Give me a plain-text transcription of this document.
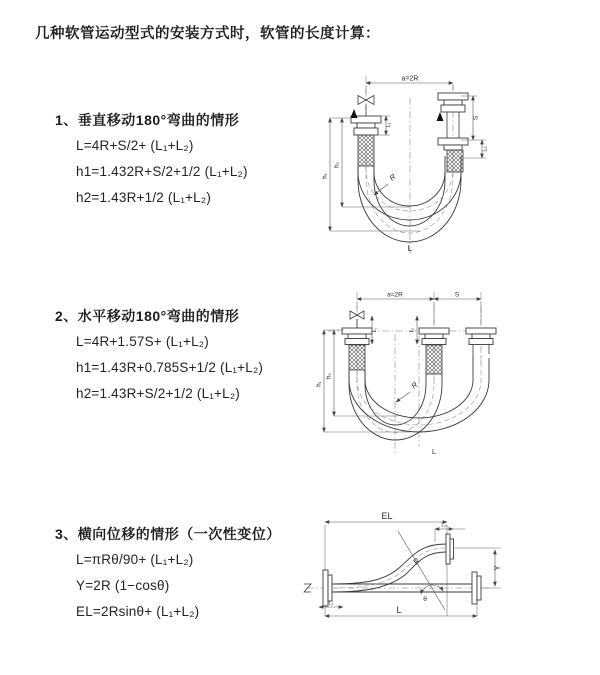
几种软管运动型式的安装方式时，软管的长度计算：
1、垂直移动180°弯曲的情形
L=4R+S/2+ (L₁+L₂)
h1=1.432R+S/2+1/2 (L₁+L₂)
h2=1.43R+1/2 (L₁+L₂)
2、水平移动180°弯曲的情形
L=4R+1.57S+ (L₁+L₂)
h1=1.43R+0.785S+1/2 (L₁+L₂)
h2=1.43R+S/2+1/2 (L₁+L₂)
3、横向位移的情形（一次性变位）
L=πRθ/90+ (L₁+L₂)
Y=2R (1−cosθ)
EL=2Rsinθ+ (L₁+L₂)
a=2R
h₁
h₂
L₁
S
L₂
R
L
a=2R	S
L₁	L₂
h₁
h₂
R
L
EL
L₂
Y
R
θ
L₁
L
